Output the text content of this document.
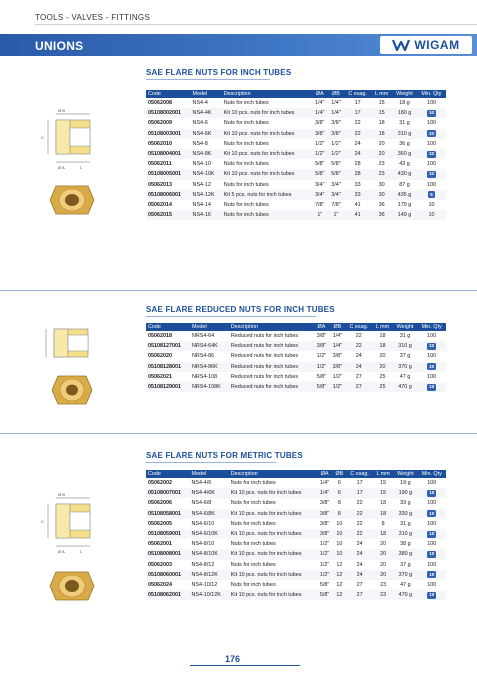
TOOLS - VALVES - FITTINGS
UNIONS	WIGAM
SAE FLARE NUTS FOR INCH TUBES
Ø B
C
Ø A	L
Code	Model	Description	ØA	ØB	C esag.	L mm	Weight	Min. Qty
05062008	NS4-4	Nuts for inch tubes	1/4"	1/4"	17	15	18 g	100
05108002001	NS4-4K	Kit 10 pcs. nuts for inch tubes	1/4"	1/4"	17	15	180 g	10
05062009	NS4-6	Nuts for inch tubes	3/8"	3/8"	22	18	31 g	100
05108003001	NS4-6K	Kit 10 pcs. nuts for inch tubes	3/8"	3/8"	22	18	310 g	10
05062010	NS4-8	Nuts for inch tubes	1/2"	1/2"	24	20	36 g	100
05108004001	NS4-8K	Kit 10 pcs. nuts for inch tubes	1/2"	1/2"	24	20	360 g	10
05062011	NS4-10	Nuts for inch tubes	5/8"	5/8"	28	23	43 g	100
05108005001	NS4-10K	Kit 10 pcs. nuts for inch tubes	5/8"	5/8"	28	23	430 g	10
05062013	NS4-12	Nuts for inch tubes	3/4"	3/4"	33	30	87 g	100
05108006001	NS4-12K	Kit 5 pcs. nuts for inch tubes	3/4"	3/4"	33	30	435 g	5
05062014	NS4-14	Nuts for inch tubes	7/8"	7/8"	41	36	179 g	10
05062015	NS4-16	Nuts for inch tubes	1"	1"	41	36	149 g	10
SAE FLARE REDUCED NUTS FOR INCH TUBES
Code	Model	Description	ØA	ØB	C esag.	L mm	Weight	Min. Qty
05062018	NRS4-64	Reduced nuts for inch tubes	3/8"	1/4"	22	18	31 g	100
05108127001	NRS4-64K	Reduced nuts for inch tubes	3/8"	1/4"	22	18	310 g	10
05062020	NRS4-86	Reduced nuts for inch tubes	1/2"	3/8"	24	20	37 g	100
05108128001	NRS4-86K	Reduced nuts for inch tubes	1/2"	3/8"	24	20	370 g	10
05062021	NRS4-108	Reduced nuts for inch tubes	5/8"	1/2"	27	25	47 g	100
05108129001	NRS4-108K	Reduced nuts for inch tubes	5/8"	1/2"	27	25	470 g	10
SAE FLARE NUTS FOR METRIC TUBES
Ø B
C
Ø A	L
Code	Model	Description	ØA	ØB	C esag.	L mm	Weight	Min. Qty
05062002	NS4-4/6	Nuts for inch tubes	1/4"	6	17	15	19 g	100
05108007001	NS4-4/6K	Kit 10 pcs. nuts for inch tubes	1/4"	6	17	15	190 g	10
05062006	NS4-6/8	Nuts for inch tubes	3/8"	8	22	18	33 g	100
05108058001	NS4-6/8K	Kit 10 pcs. nuts for inch tubes	3/8"	8	22	18	330 g	10
05062005	NS4-6/10	Nuts for inch tubes	3/8"	10	22	8	31 g	100
05108059001	NS4-6/10K	Kit 10 pcs. nuts for inch tubes	3/8"	10	22	18	310 g	10
05062001	NS4-8/10	Nuts for inch tubes	1/2"	10	24	20	38 g	100
05108008001	NS4-8/10K	Kit 10 pcs. nuts for inch tubes	1/2"	10	24	20	380 g	10
05062003	NS4-8/12	Nuts for inch tubes	1/2"	12	24	20	37 g	100
05108060001	NS4-8/12K	Kit 10 pcs. nuts for inch tubes	1/2"	12	24	20	370 g	10
05062024	NS4-10/12	Nuts for inch tubes	5/8"	12	27	23	47 g	100
05108062001	NS4-10/12K	Kit 10 pcs. nuts for inch tubes	5/8"	12	27	23	470 g	10
176
